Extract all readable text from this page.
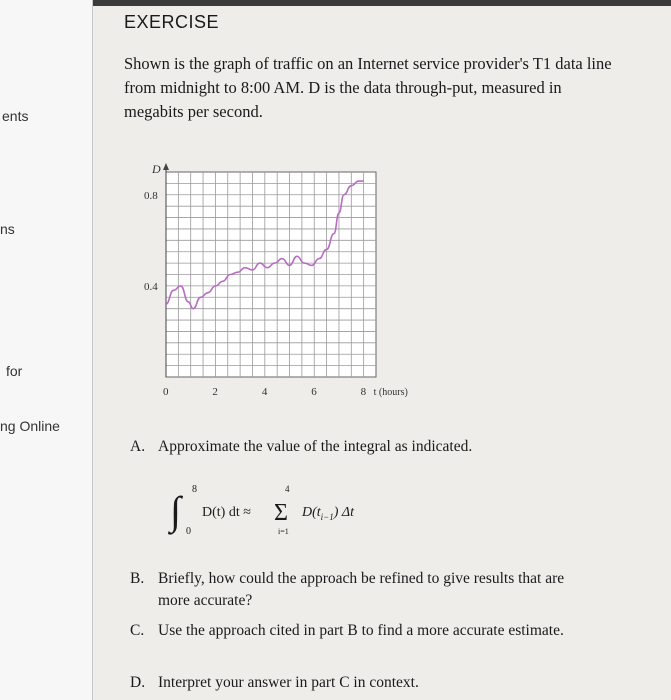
ents
ns
for
ng Online
EXERCISE
Shown is the graph of traffic on an Internet service provider's T1 data line from midnight to 8:00 AM. D is the data through-put, measured in megabits per second.
D
0.4
0.8
0	2	4	6	8 t (hours)
A. Approximate the value of the integral as indicated.
∫	8
0
D(t) dt ≈
4
Σ
i=1
$D(t_{i-1})$ Δt
B. Briefly, how could the approach be refined to give results that are more accurate?
C. Use the approach cited in part B to find a more accurate estimate.
D. Interpret your answer in part C in context.
